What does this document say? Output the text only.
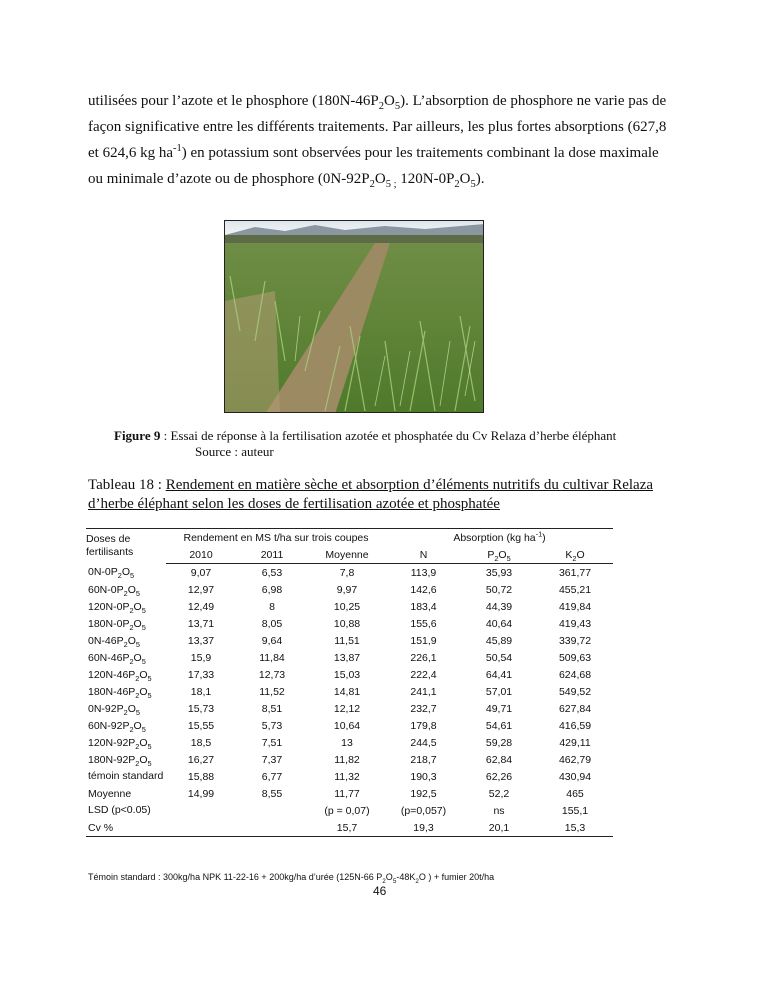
utilisées pour l’azote et le phosphore $(180N-46P_2O_5)$. L’absorption de phosphore ne varie pas de
façon significative entre les différents traitements. Par ailleurs, les plus fortes absorptions (627,8
et 624,6 kg $ha^{-1}$) en potassium sont observées pour les traitements combinant la dose maximale
ou minimale d’azote ou de phosphore ($0N-92P_2O_{5 ;}$ $120N-0P_2O_5$).
Figure 9 : Essai de réponse à la fertilisation azotée et phosphatée du Cv Relaza d’herbe éléphant
Source : auteur

Tableau 18 : Rendement en matière sèche et absorption d’éléments nutritifs du cultivar Relaza d’herbe éléphant selon les doses de fertilisation azotée et phosphatée

Doses de fertilisants	Rendement en MS t/ha sur trois coupes			Absorption (kg $ha^{-1}$)		
	2010	2011	Moyenne	N	$P_2O_5$	$K_2O$
$0N-0P_2O_5$	9,07	6,53	7,8	113,9	35,93	361,77
$60N-0P_2O_5$	12,97	6,98	9,97	142,6	50,72	455,21
$120N-0P_2O_5$	12,49	8	10,25	183,4	44,39	419,84
$180N-0P_2O_5$	13,71	8,05	10,88	155,6	40,64	419,43
$0N-46P_2O_5$	13,37	9,64	11,51	151,9	45,89	339,72
$60N-46P_2O_5$	15,9	11,84	13,87	226,1	50,54	509,63
$120N-46P_2O_5$	17,33	12,73	15,03	222,4	64,41	624,68
$180N-46P_2O_5$	18,1	11,52	14,81	241,1	57,01	549,52
$0N-92P_2O_5$	15,73	8,51	12,12	232,7	49,71	627,84
$60N-92P_2O_5$	15,55	5,73	10,64	179,8	54,61	416,59
$120N-92P_2O_5$	18,5	7,51	13	244,5	59,28	429,11
$180N-92P_2O_5$	16,27	7,37	11,82	218,7	62,84	462,79
témoin standard	15,88	6,77	11,32	190,3	62,26	430,94
Moyenne	14,99	8,55	11,77	192,5	52,2	465
LSD (p<0.05)			(p = 0,07)	(p=0,057)	ns	155,1
Cv %			15,7	19,3	20,1	15,3
Témoin standard : 300kg/ha NPK 11-22-16 + 200kg/ha d’urée (125N-66 $P_2O_5-48K_2O$ ) + fumier 20t/ha
46
